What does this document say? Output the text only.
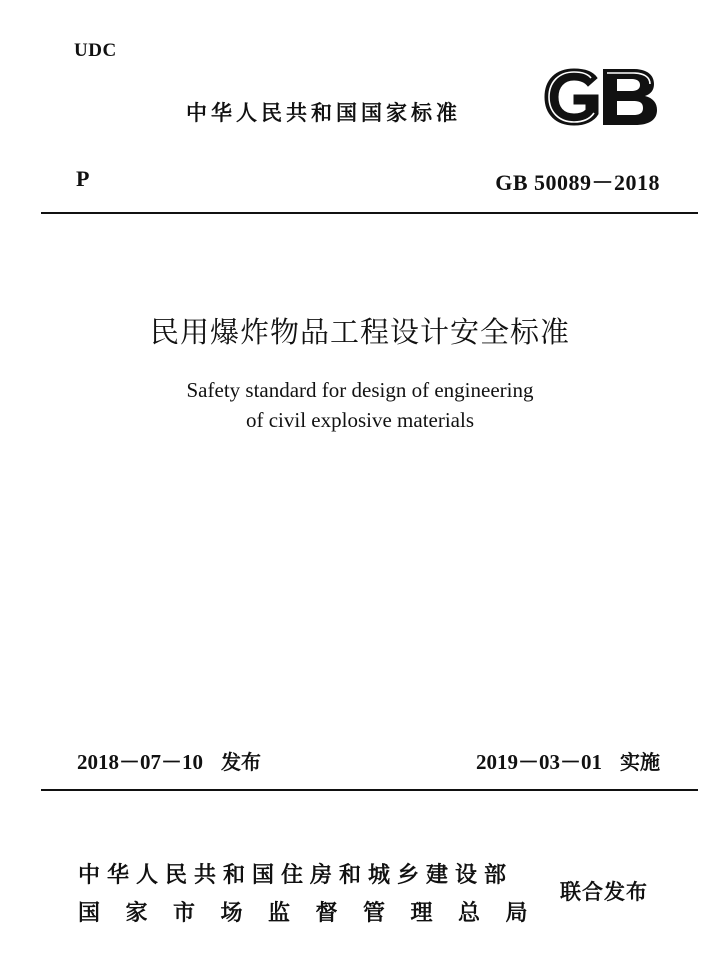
UDC
中华人民共和国国家标准
P	GB 50089－2018
民用爆炸物品工程设计安全标准
Safety standard for design of engineering
of civil explosive materials
2018－07－10 发布	2019－03－01 实施
中华人民共和国住房和城乡建设部
国家市场监督管理总局
联合发布
